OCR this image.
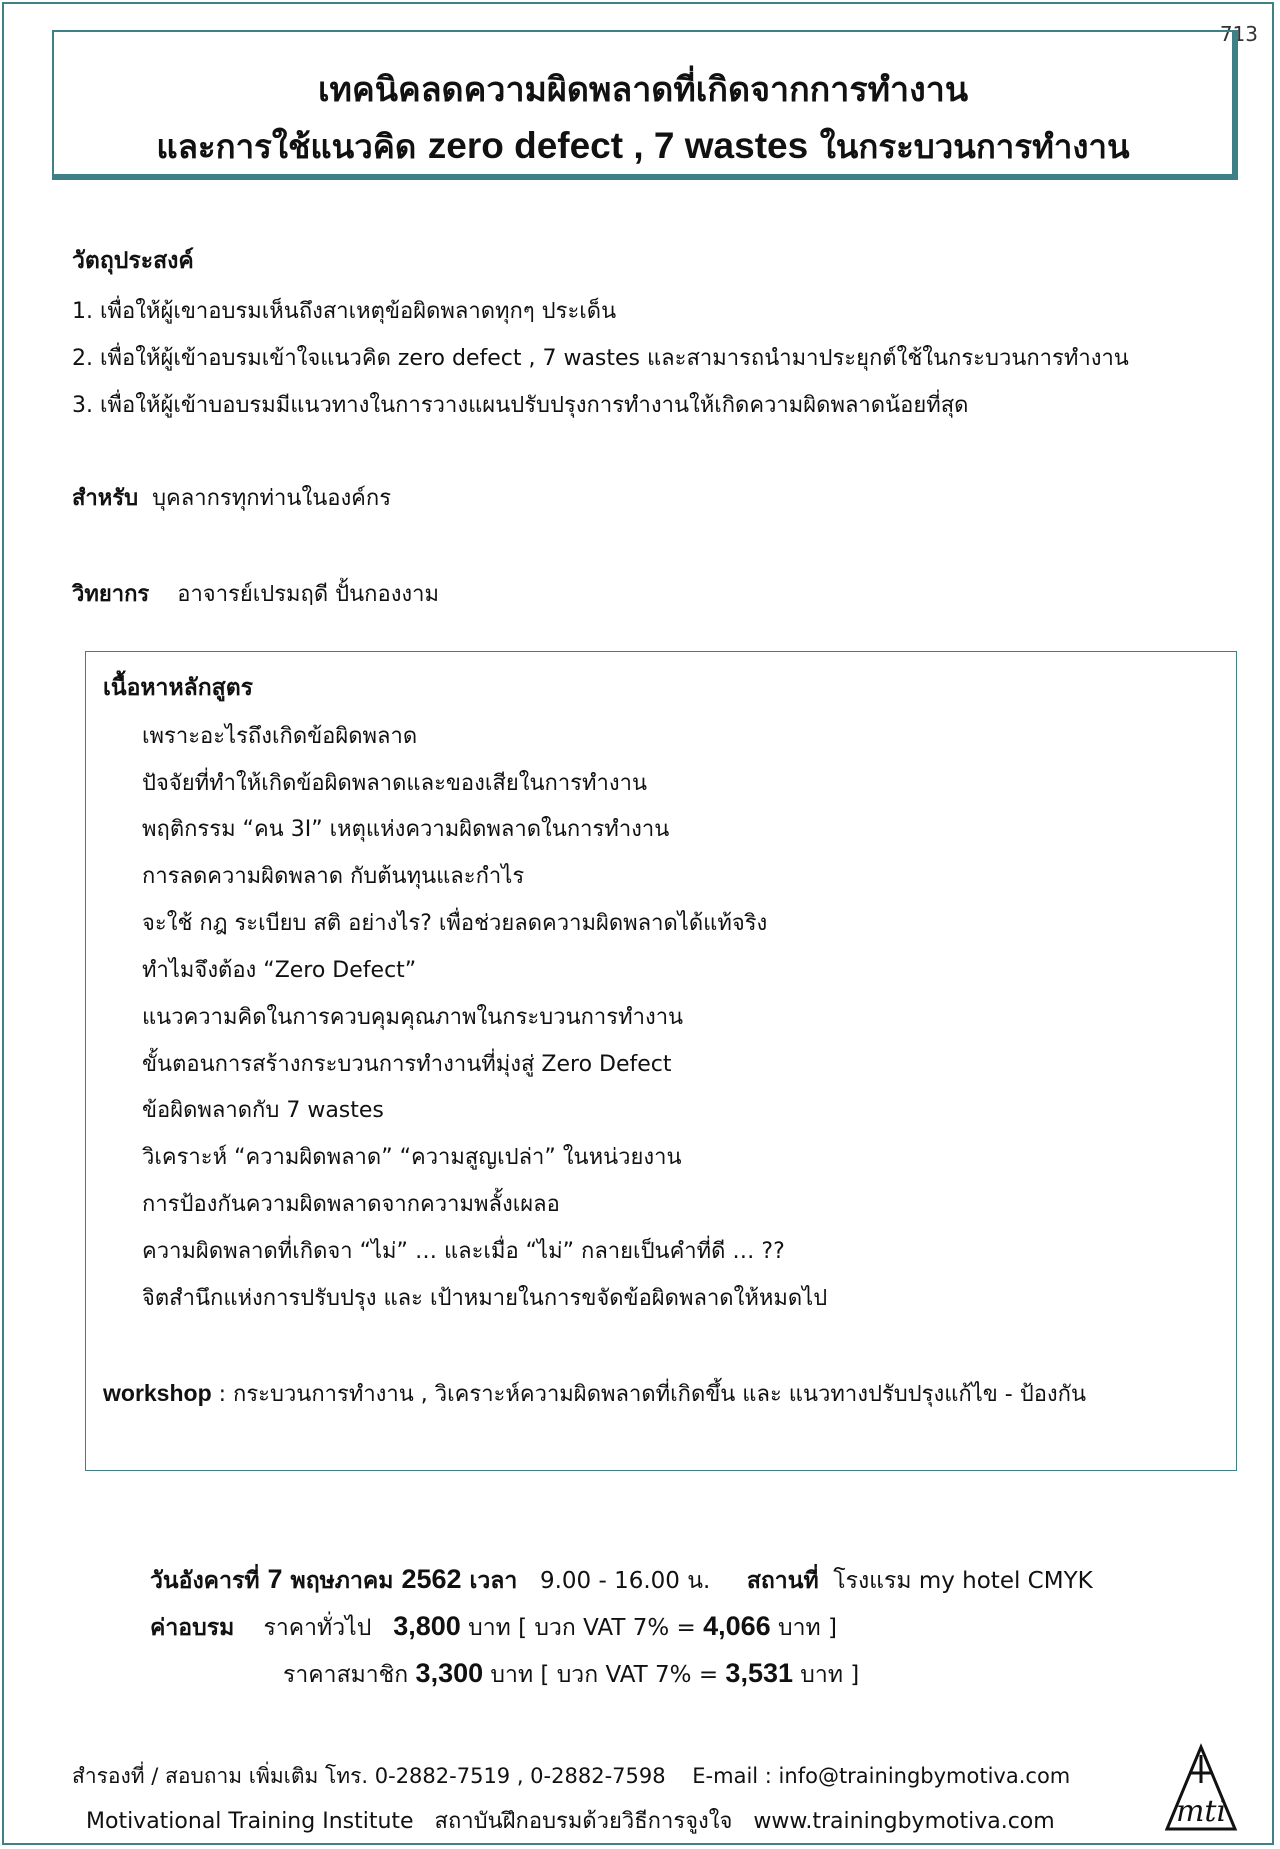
713
เทคนิคลดความผิดพลาดที่เกิดจากการทำงาน
และการใช้แนวคิด zero defect , 7 wastes ในกระบวนการทำงาน
วัตถุประสงค์
1. เพื่อให้ผู้เขาอบรมเห็นถึงสาเหตุข้อผิดพลาดทุกๆ ประเด็น
2. เพื่อให้ผู้เข้าอบรมเข้าใจแนวคิด zero defect , 7 wastes และสามารถนำมาประยุกต์ใช้ในกระบวนการทำงาน
3. เพื่อให้ผู้เข้าบอบรมมีแนวทางในการวางแผนปรับปรุงการทำงานให้เกิดความผิดพลาดน้อยที่สุด
สำหรับ บุคลากรทุกท่านในองค์กร
วิทยากร อาจารย์เปรมฤดี ปั้นกองงาม
เนื้อหาหลักสูตร
เพราะอะไรถึงเกิดข้อผิดพลาด
ปัจจัยที่ทำให้เกิดข้อผิดพลาดและของเสียในการทำงาน
พฤติกรรม “คน 3I” เหตุแห่งความผิดพลาดในการทำงาน
การลดความผิดพลาด กับต้นทุนและกำไร
จะใช้ กฎ ระเบียบ สติ อย่างไร? เพื่อช่วยลดความผิดพลาดได้แท้จริง
ทำไมจึงต้อง “Zero Defect”
แนวความคิดในการควบคุมคุณภาพในกระบวนการทำงาน
ขั้นตอนการสร้างกระบวนการทำงานที่มุ่งสู่ Zero Defect
ข้อผิดพลาดกับ 7 wastes
วิเคราะห์ “ความผิดพลาด” “ความสูญเปล่า” ในหน่วยงาน
การป้องกันความผิดพลาดจากความพลั้งเผลอ
ความผิดพลาดที่เกิดจา “ไม่” … และเมื่อ “ไม่” กลายเป็นคำที่ดี … ??
จิตสำนึกแห่งการปรับปรุง และ เป้าหมายในการขจัดข้อผิดพลาดให้หมดไป
workshop : กระบวนการทำงาน , วิเคราะห์ความผิดพลาดที่เกิดขึ้น และ แนวทางปรับปรุงแก้ไข - ป้องกัน
วันอังคารที่ 7 พฤษภาคม 2562 เวลา   9.00 - 16.00 น. สถานที่ โรงแรม my hotel CMYK
ค่าอบรม ราคาทั่วไป 3,800 บาท [ บวก VAT 7% = 4,066 บาท ]
ราคาสมาชิก 3,300 บาท [ บวก VAT 7% = 3,531 บาท ]
สำรองที่ / สอบถาม เพิ่มเติม โทร. 0-2882-7519 , 0-2882-7598    E-mail : info@trainingbymotiva.com
Motivational Training Institute   สถาบันฝึกอบรมด้วยวิธีการจูงใจ   www.trainingbymotiva.com	mti
